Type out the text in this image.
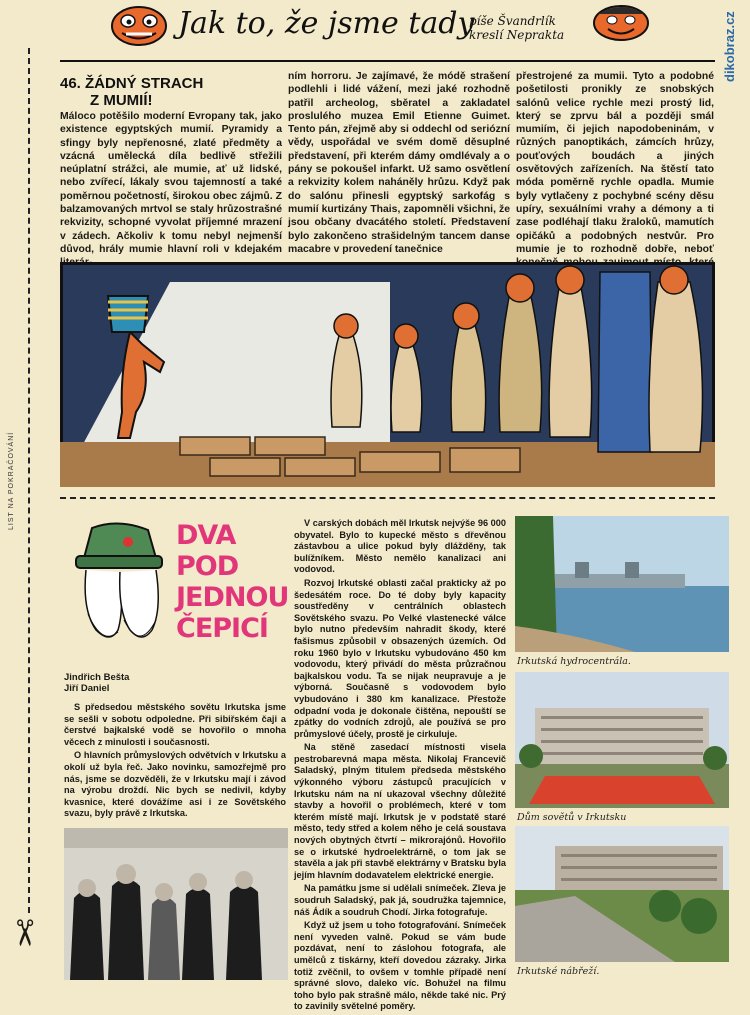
Jak to, že jsme tady
píše Švandrlík
kreslí Neprakta	dikobraz.cz
LIST NA POKRAČOVÁNÍ
✂
46. ŽÁDNÝ STRACH
Z MUMIÍ!

Máloco potěšilo moderní Evropany tak, jako existence egyptských mumií. Pyramidy a sfingy byly nepřenosné, zlaté předměty a vzácná umělecká díla bedlivě střežili neúplatní strážci, ale mumie, ať už lidské, nebo zvířecí, lákaly svou tajemností a také poměrnou početností, širokou obec zájmů. Z balzamovaných mrtvol se staly hrůzostrašné rekvizity, schopné vyvolat příjemné mrazení v zádech. Ačkoliv k tomu nebyl nejmenší důvod, hrály mumie hlavní roli v kdejakém

ním horroru. Je zajímavé, že módě strašení podlehli i lidé vážení, mezi jaké rozhodně patřil archeolog, sběratel a zakladatel proslulého muzea Emil Etienne Guimet. Tento pán, zřejmě aby si oddechl od seriózní vědy, uspořádal ve svém domě děsuplné představení, při kterém dámy omdlévaly a o pány se pokoušel infarkt. Už samo osvětlení a rekvizity kolem naháněly hrůzu. Když pak do salónu přinesli egyptský sarkofág s mumií kurtizány Thais, zapomněli všichni, že jsou občany dvacátého století. Představení bylo zakončeno strašidelným tancem danse macabre v provedení tanečnice

přestrojené za mumii. Tyto a podobné pošetilosti pronikly ze snobských salónů velice rychle mezi prostý lid, který se zprvu bál a později smál mumiím, či jejich napodobeninám, v různých panoptikách, zámcích hrůzy, pouťových boudách a jiných osvětových zařízeních. Na štěstí tato móda poměrně rychle opadla. Mumie byly vytlačeny z pochybné scény děsu upíry, sexuálními vrahy a démony a ti zase podléhají tlaku žraloků, mamutích opičáků a podobných nestvůr. Pro mumie je to rozhodně dobře, neboť

DVA
POD
JEDNOU
ČEPICÍ
Jindřich Bešta
Jiří Daniel

S předsedou městského sovětu Irkutska jsme se sešli v sobotu odpoledne. Při sibiřském čaji a čerstvé bajkalské vodě se hovořilo o mnoha věcech z minulosti i současnosti.

O hlavních průmyslových odvětvích v Irkutsku a okolí už byla řeč. Jako novinku, samozřejmě pro nás, jsme se dozvěděli, že v Irkutsku mají i závod na výrobu droždí. Nic bych se nedivil, kdyby kvasnice, které dovážíme asi i ze Sovětského svazu, byly právě z Irkutska.

V carských dobách měl Irkutsk nejvýše 96 000 obyvatel. Bylo to kupecké město s dřevěnou zástavbou a ulice pokud byly dlážděny, tak bulížníkem. Město nemělo kanalizaci ani vodovod.

Rozvoj Irkutské oblasti začal prakticky až po šedesátém roce. Do té doby byly kapacity soustředěny v centrálních oblastech Sovětského svazu. Po Velké vlastenecké válce bylo nutno především nahradit škody, které fašismus způsobil v obsazených územích. Od roku 1960 bylo v Irkutsku vybudováno 450 km vodovodu, který přivádí do města průzračnou bajkalskou vodu. Ta se nijak neupravuje a je výborná. Současně s vodovodem bylo vybudováno i 380 km kanalizace. Přestože odpadní voda je dokonale čištěna, nepouští se zpátky do vodních zdrojů, ale používá se pro průmyslové účely, prostě je cirkuluje.

Na stěně zasedací místnosti visela pestrobarevná mapa města. Nikolaj Francevič Saladský, plným titulem předseda městského výkonného výboru zástupců pracujících v Irkutsku nám na ní ukazoval všechny důležité stavby a hovořil o problémech, které v tom kterém místě mají. Irkutsk je v podstatě staré město, tedy střed a kolem něho je celá soustava nových obytných čtvrtí – mikrorajónů. Hovořilo se o irkutské hydroelektrárně, o tom jak se stavěla a jak při stavbě elektrárny v Bratsku byla jejím hlavním dodavatelem elektrické energie.

Na památku jsme si udělali snímeček. Zleva je soudruh Saladský, pak já, soudružka tajemnice, náš Ádík a soudruh Chodí. Jirka fotografuje.

Když už jsem u toho fotografování. Snímeček není vyveden valně. Pokud se vám bude pozdávat, není to záslohou fotografa, ale umělců z tiskárny, kteří dovedou zázraky. Jirka totiž zvěčnil, to ovšem v tomhle případě není správné slovo, daleko víc. Bohužel na filmu toho bylo pak strašně málo, někde také nic. Prý to zavinily světelné poměry.

Irkutská hydrocentrála.
Dům sovětů v Irkutsku
Irkutské nábřeží.
